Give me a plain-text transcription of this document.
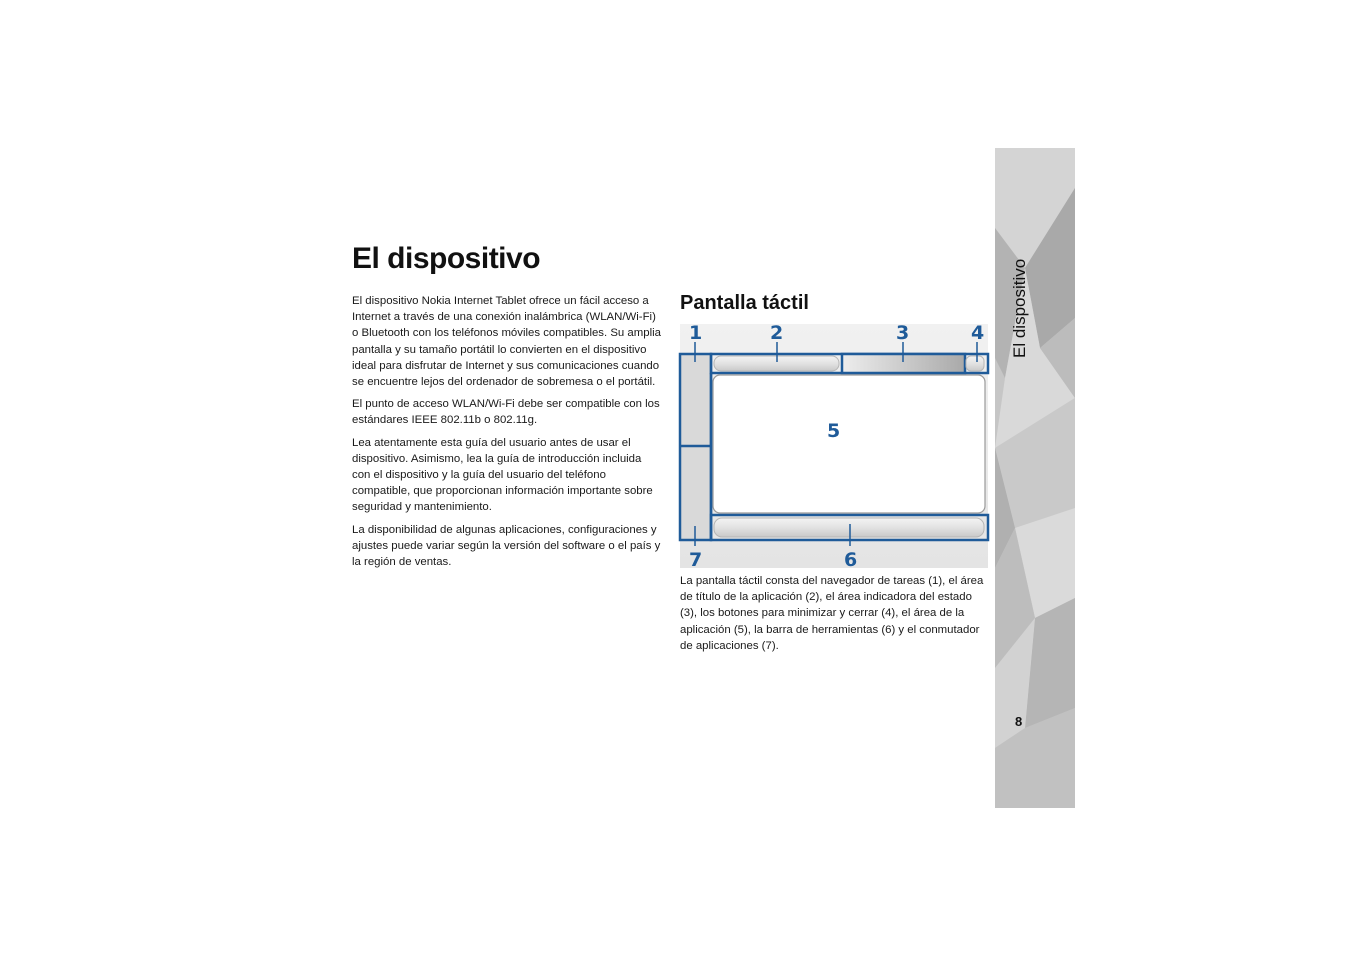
El dispositivo

El dispositivo Nokia Internet Tablet ofrece un fácil acceso a Internet a través de una conexión inalámbrica (WLAN/Wi-Fi) o Bluetooth con los teléfonos móviles compatibles. Su amplia pantalla y su tamaño portátil lo convierten en el dispositivo ideal para disfrutar de Internet y sus comunicaciones cuando se encuentre lejos del ordenador de sobremesa o el portátil.

El punto de acceso WLAN/Wi-Fi debe ser compatible con los estándares IEEE 802.11b o 802.11g.

Lea atentamente esta guía del usuario antes de usar el dispositivo. Asimismo, lea la guía de introducción incluida con el dispositivo y la guía del usuario del teléfono compatible, que proporcionan información importante sobre seguridad y mantenimiento.

La disponibilidad de algunas aplicaciones, configuraciones y ajustes puede variar según la versión del software o el país y la región de ventas.

Pantalla táctil
1	2	3	4
5
6
7
La pantalla táctil consta del navegador de tareas (1), el área de título de la aplicación (2), el área indicadora del estado (3), los botones para minimizar y cerrar (4), el área de la aplicación (5), la barra de herramientas (6) y el conmutador de aplicaciones (7).
El dispositivo
8
